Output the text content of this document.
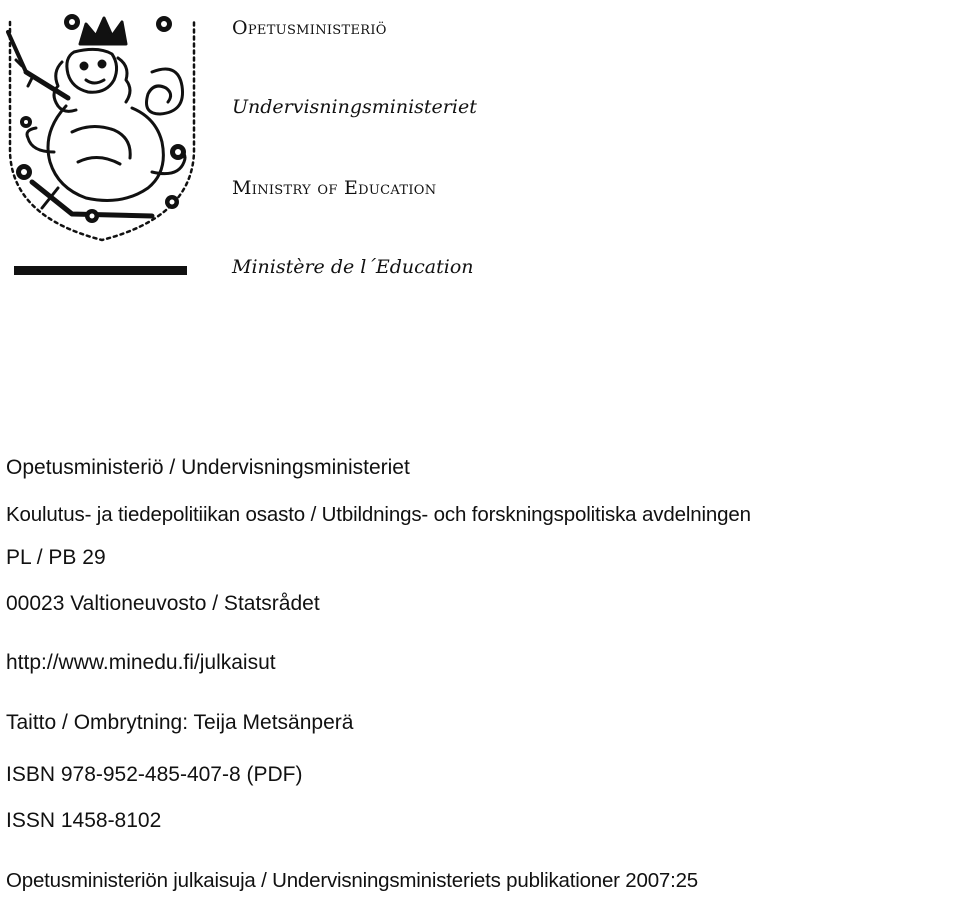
Opetusministeriö
Undervisningsministeriet
Ministry of Education
Ministère de l´Education
Opetusministeriö / Undervisningsministeriet
Koulutus- ja tiedepolitiikan osasto / Utbildnings- och forskningspolitiska avdelningen
PL / PB 29
00023 Valtioneuvosto / Statsrådet
http://www.minedu.fi/julkaisut
Taitto / Ombrytning: Teija Metsänperä
ISBN 978-952-485-407-8 (PDF)
ISSN 1458-8102
Opetusministeriön julkaisuja / Undervisningsministeriets publikationer 2007:25
